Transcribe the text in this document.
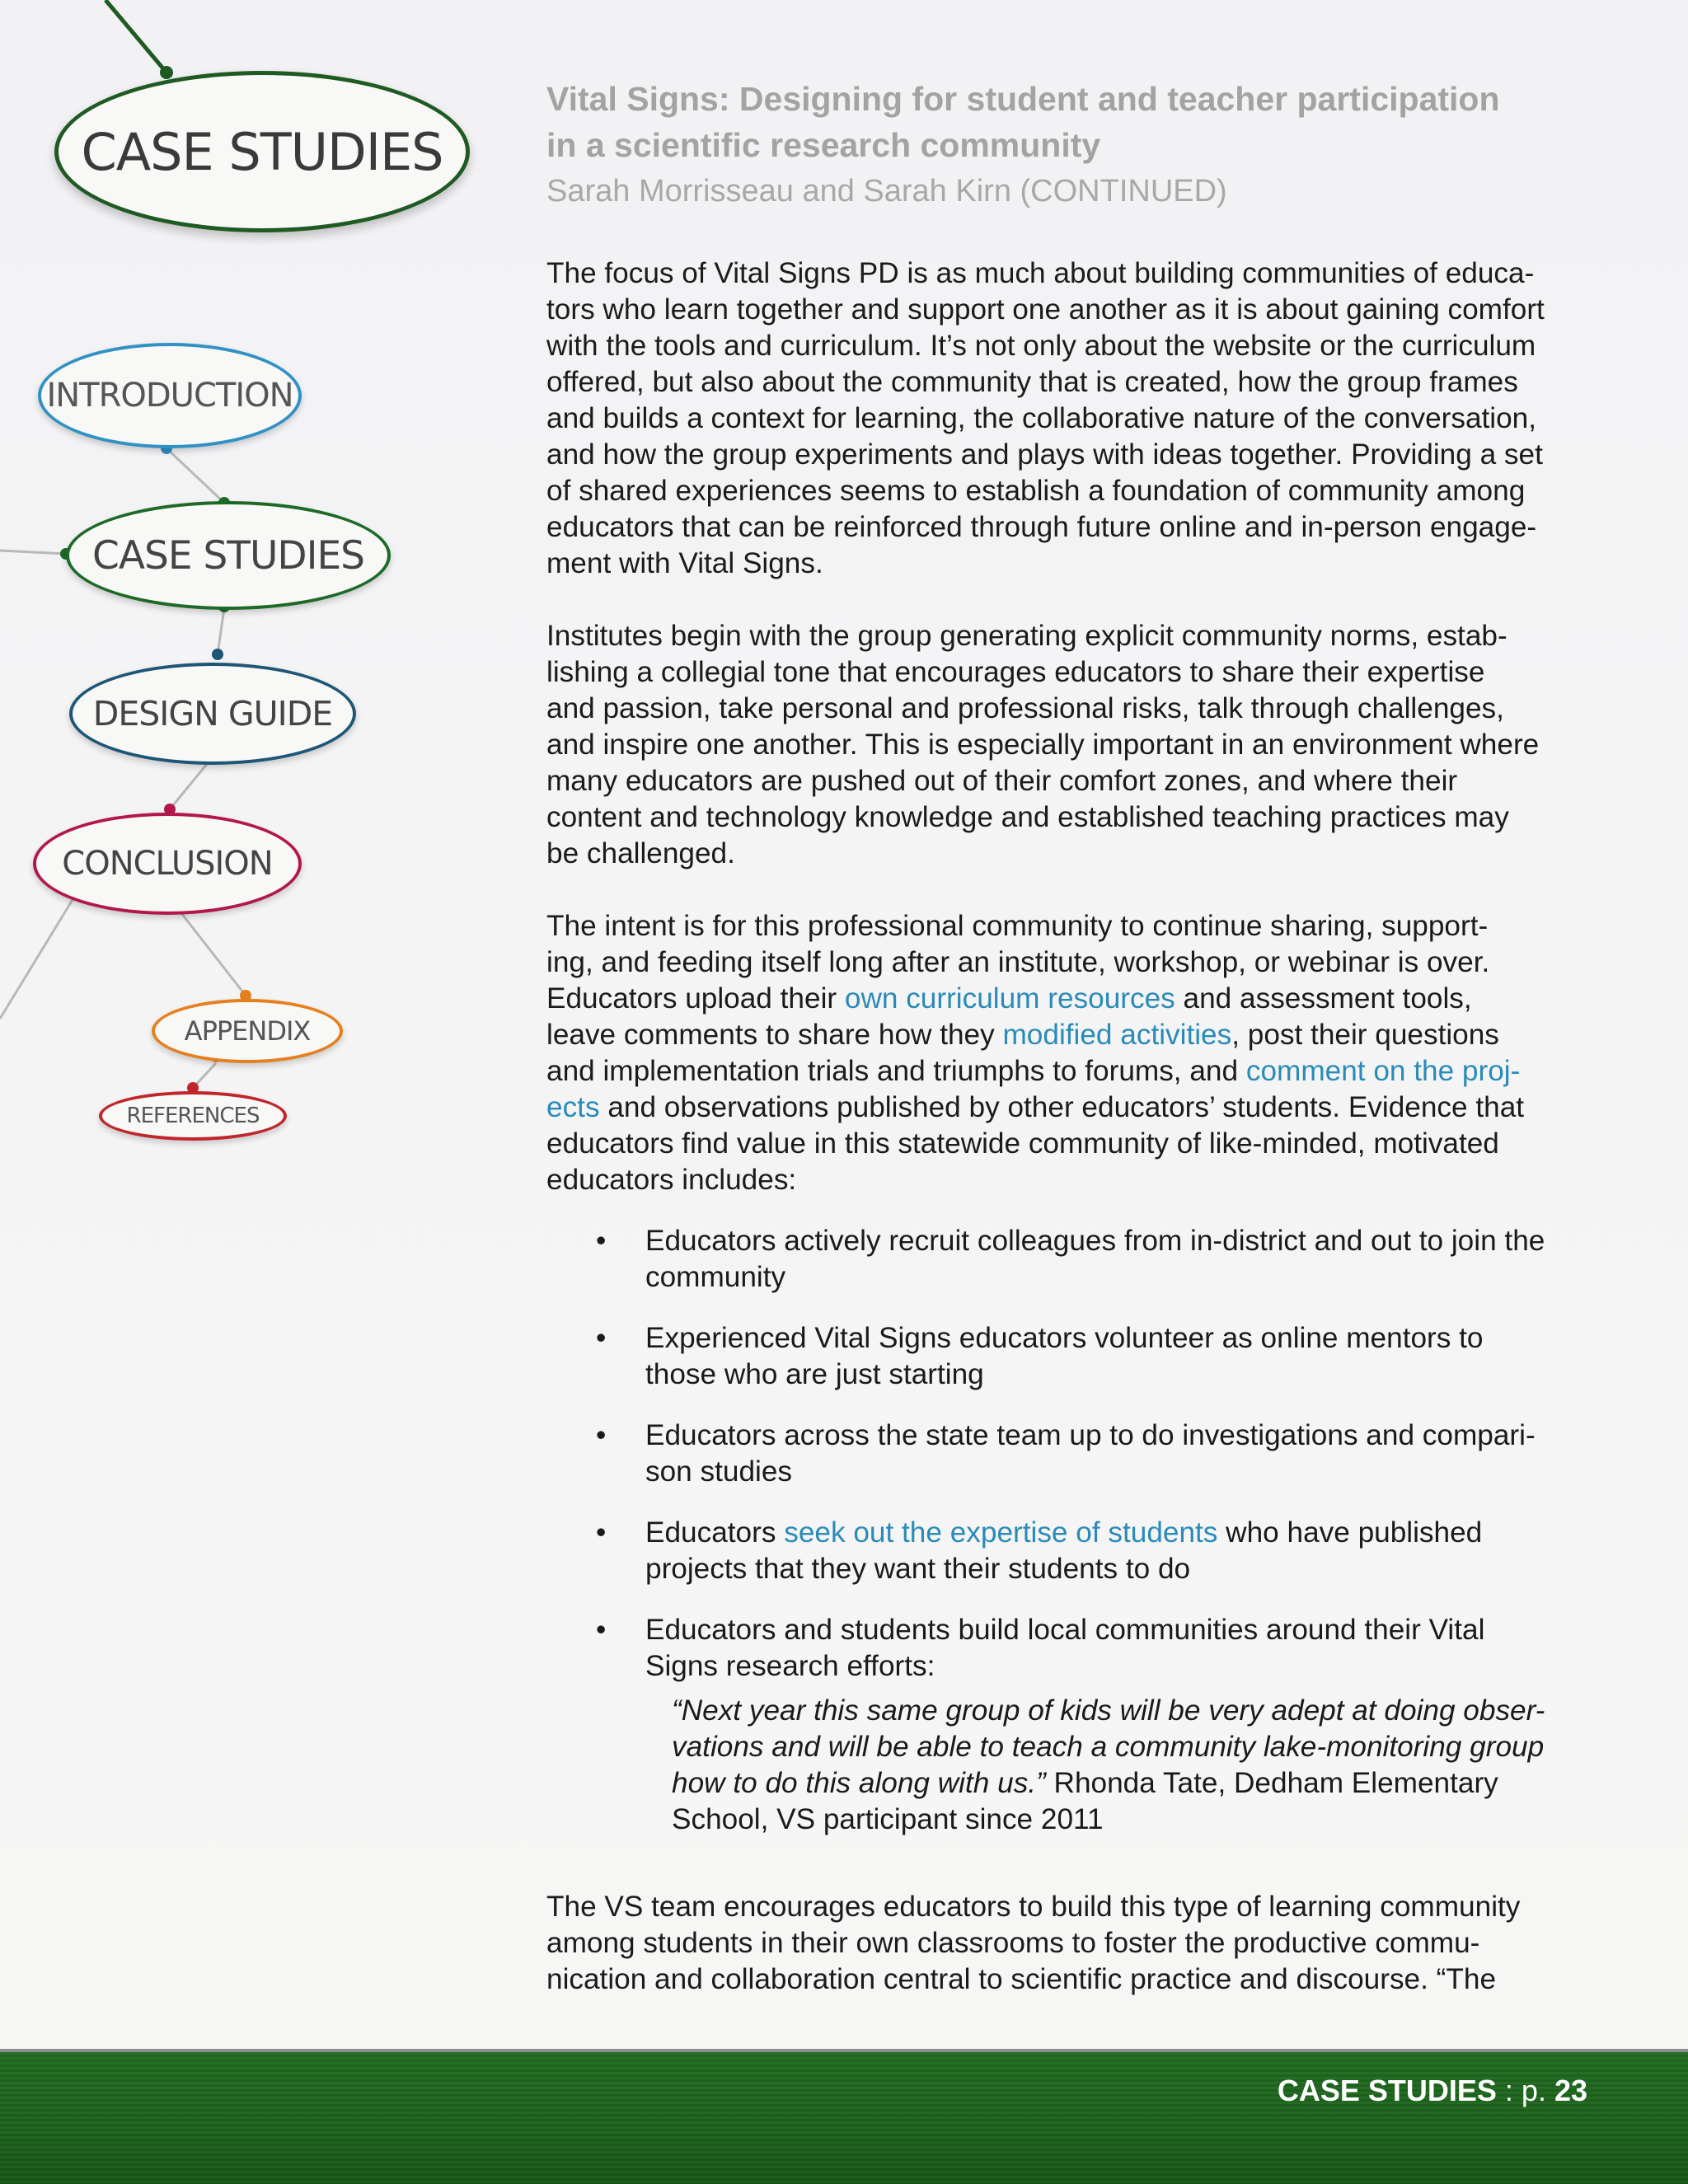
CASE STUDIES
INTRODUCTION
CASE STUDIES
DESIGN GUIDE
CONCLUSION
APPENDIX
REFERENCES
Vital Signs: Designing for student and teacher participation
in a scientific research community
Sarah Morrisseau and Sarah Kirn (CONTINUED)
The focus of Vital Signs PD is as much about building communities of educa-
tors who learn together and support one another as it is about gaining comfort
with the tools and curriculum. It’s not only about the website or the curriculum
offered, but also about the community that is created, how the group frames
and builds a context for learning, the collaborative nature of the conversation,
and how the group experiments and plays with ideas together. Providing a set
of shared experiences seems to establish a foundation of community among
educators that can be reinforced through future online and in-person engage-
ment with Vital Signs.
Institutes begin with the group generating explicit community norms, estab-
lishing a collegial tone that encourages educators to share their expertise
and passion, take personal and professional risks, talk through challenges,
and inspire one another. This is especially important in an environment where
many educators are pushed out of their comfort zones, and where their
content and technology knowledge and established teaching practices may
be challenged.
The intent is for this professional community to continue sharing, support-
ing, and feeding itself long after an institute, workshop, or webinar is over.
Educators upload their own curriculum resources and assessment tools,
leave comments to share how they modified activities, post their questions
and implementation trials and triumphs to forums, and comment on the proj-
ects and observations published by other educators’ students. Evidence that
educators find value in this statewide community of like-minded, motivated
educators includes:
• Educators actively recruit colleagues from in-district and out to join the
community
• Experienced Vital Signs educators volunteer as online mentors to
those who are just starting
• Educators across the state team up to do investigations and compari-
son studies
• Educators seek out the expertise of students who have published
projects that they want their students to do
• Educators and students build local communities around their Vital
Signs research efforts:
“Next year this same group of kids will be very adept at doing obser-
vations and will be able to teach a community lake-monitoring group
how to do this along with us.” Rhonda Tate, Dedham Elementary
School, VS participant since 2011
The VS team encourages educators to build this type of learning community
among students in their own classrooms to foster the productive commu-
nication and collaboration central to scientific practice and discourse. “The
CASE STUDIES : p. 23
